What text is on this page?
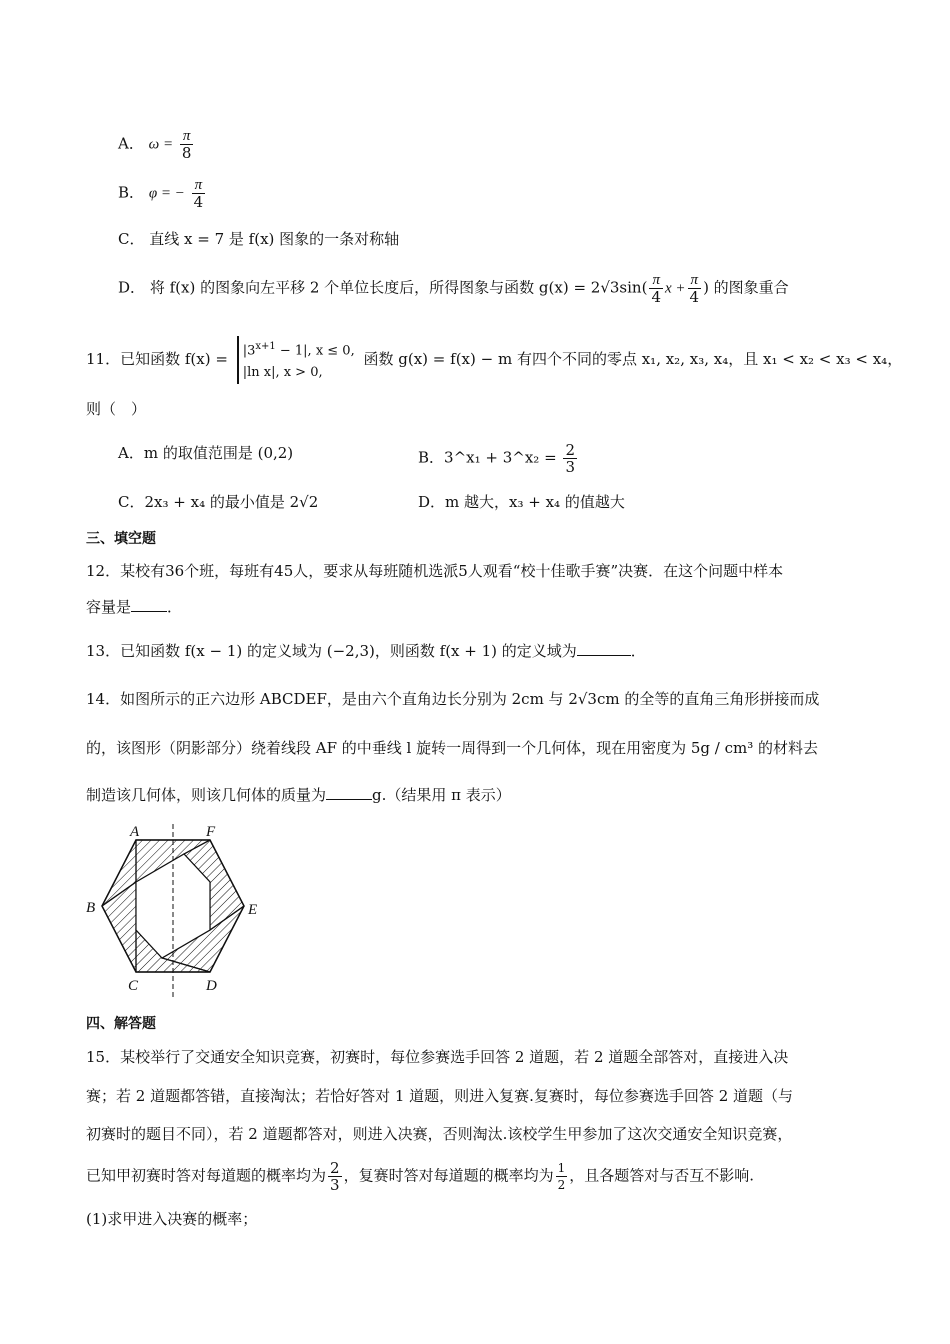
A． $\omega = \frac{\pi}{8}$
B． φ = − $\frac{\pi}{4}$
C． 直线 x = 7 是 f(x) 图象的一条对称轴
D． 将 f(x) 的图象向左平移 2 个单位长度后，所得图象与函数 $g(x) = 2√3\sin( \frac{\pi}{4}$ $x + \frac{\pi}{4}$ ) 的图象重合
11．已知函数 $f(x) = |3^{x+1} - 1|$, x ≤ 0,
|ln x|, x > 0,
函数 g(x) = f(x) − m 有四个不同的零点 x₁, x₂, x₃, x₄，且 x₁ < x₂ < x₃ < x₄，
则（　）
A．m 的取值范围是 (0,2)	B．3^x₁ + 3^x₂ = $\frac{2}{3}$
C．2x₃ + x₄ 的最小值是 2√2	D．m 越大，x₃ + x₄ 的值越大
三、填空题
12．某校有36个班，每班有45人，要求从每班随机选派5人观看“校十佳歌手赛”决赛．在这个问题中样本
容量是 ．
13．已知函数 f(x − 1) 的定义域为 (−2,3)，则函数 f(x + 1) 的定义域为	．
14．如图所示的正六边形 ABCDEF，是由六个直角边长分别为 2cm 与 2√3cm 的全等的直角三角形拼接而成
的，该图形（阴影部分）绕着线段 AF 的中垂线 l 旋转一周得到一个几何体，现在用密度为 5g / cm³ 的材料去
制造该几何体，则该几何体的质量为	g.（结果用 π 表示）
A	F
B	E
C	D
四、解答题
15．某校举行了交通安全知识竞赛，初赛时，每位参赛选手回答 2 道题，若 2 道题全部答对，直接进入决
赛；若 2 道题都答错，直接淘汰；若恰好答对 1 道题，则进入复赛.复赛时，每位参赛选手回答 2 道题（与
初赛时的题目不同），若 2 道题都答对，则进入决赛，否则淘汰.该校学生甲参加了这次交通安全知识竞赛，
已知甲初赛时答对每道题的概率均为 $\frac{2}{3}$ ，复赛时答对每道题的概率均为 $\frac{1}{2}$ ，且各题答对与否互不影响.
(1)求甲进入决赛的概率；
